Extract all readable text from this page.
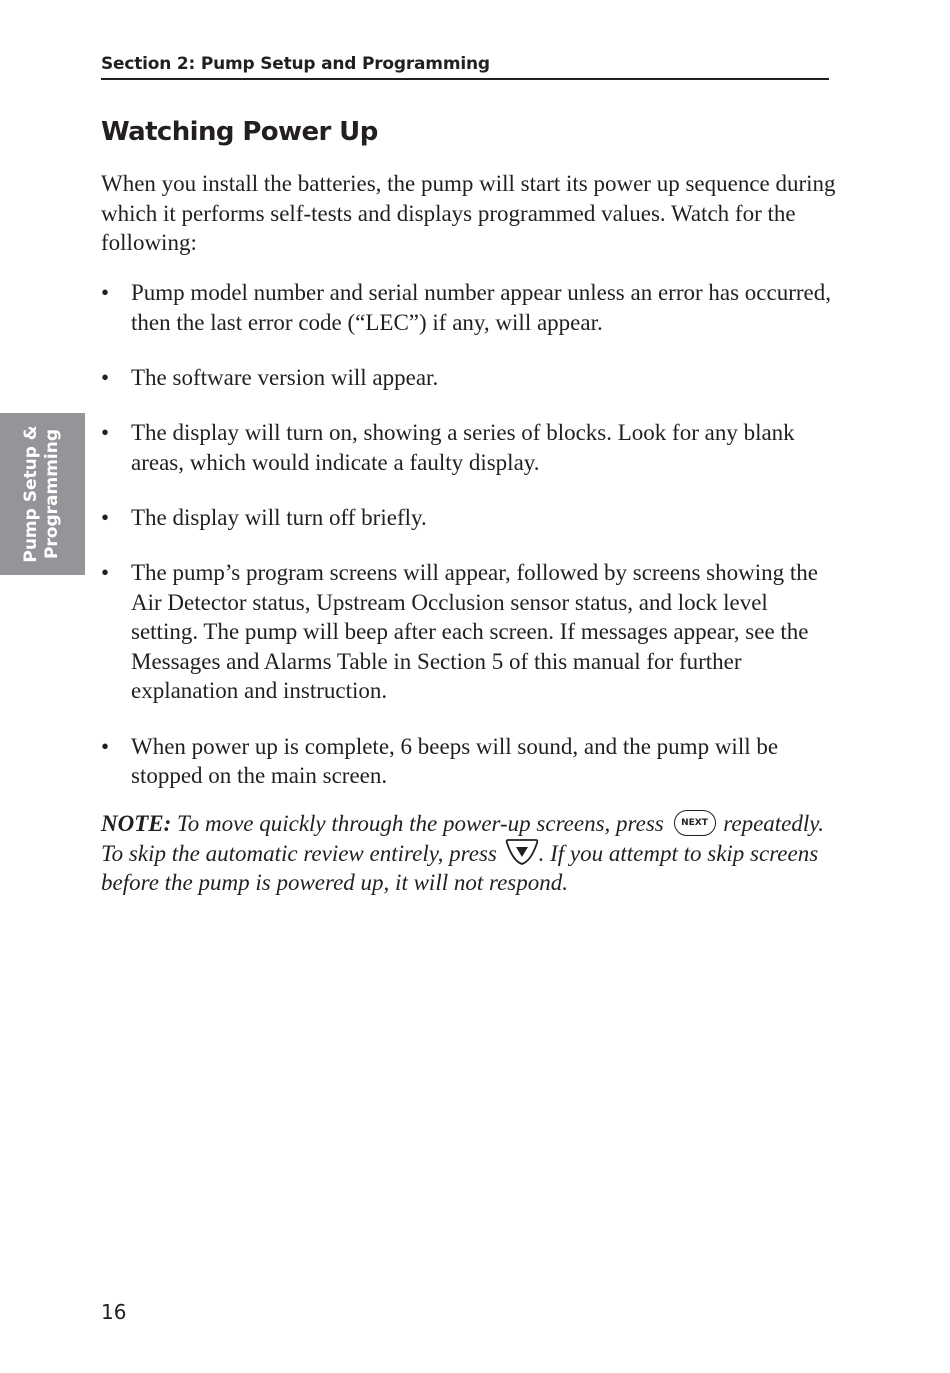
Section 2: Pump Setup and Programming
Pump Setup & Programming
Watching Power Up

When you install the batteries, the pump will start its power up sequence during which it performs self-tests and displays programmed values. Watch for the following:

• Pump model number and serial number appear unless an error has occurred, then the last error code (“LEC”) if any, will appear.
• The software version will appear.
• The display will turn on, showing a series of blocks. Look for any blank areas, which would indicate a faulty display.
• The display will turn off briefly.
• The pump’s program screens will appear, followed by screens showing the Air Detector status, Upstream Occlusion sensor status, and lock level setting. The pump will beep after each screen. If messages appear, see the Messages and Alarms Table in Section 5 of this manual for further explanation and instruction.
• When power up is complete, 6 beeps will sound, and the pump will be stopped on the main screen.

NOTE: To move quickly through the power-up screens, press NEXT repeatedly. To skip the automatic review entirely, press . If you attempt to skip screens before the pump is powered up, it will not respond.

16
